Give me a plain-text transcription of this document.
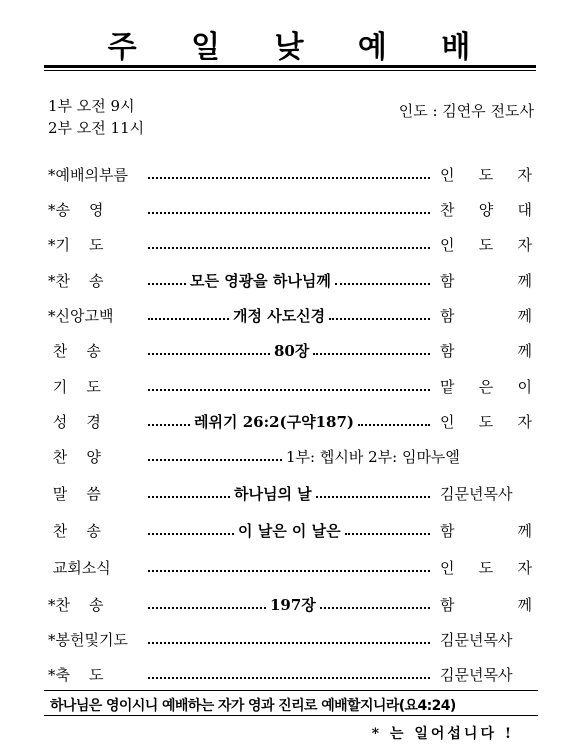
주 일 낮 예 배
1부 오전 9시
2부 오전 11시
인도 : 김연우 전도사
*예배의부름	인 도 자
*송    영	찬 양 대
*기    도	인 도 자
*찬    송	모든 영광을 하나님께	함	께
*신앙고백	개정 사도신경	함	께
찬    송	80장	함	께
기    도	맡 은 이
성    경	레위기 26:2(구약187)	인 도 자
찬    양	1부: 헵시바 2부: 임마누엘
말    씀	하나님의 날	김문년목사
찬    송	이 날은 이 날은	함	께
교회소식	인 도 자
*찬    송	197장	함	께
*봉헌및기도	김문년목사
*축    도	김문년목사
하나님은 영이시니 예배하는 자가 영과 진리로 예배할지니라(요4:24)
* 는 일어섭니다 !
